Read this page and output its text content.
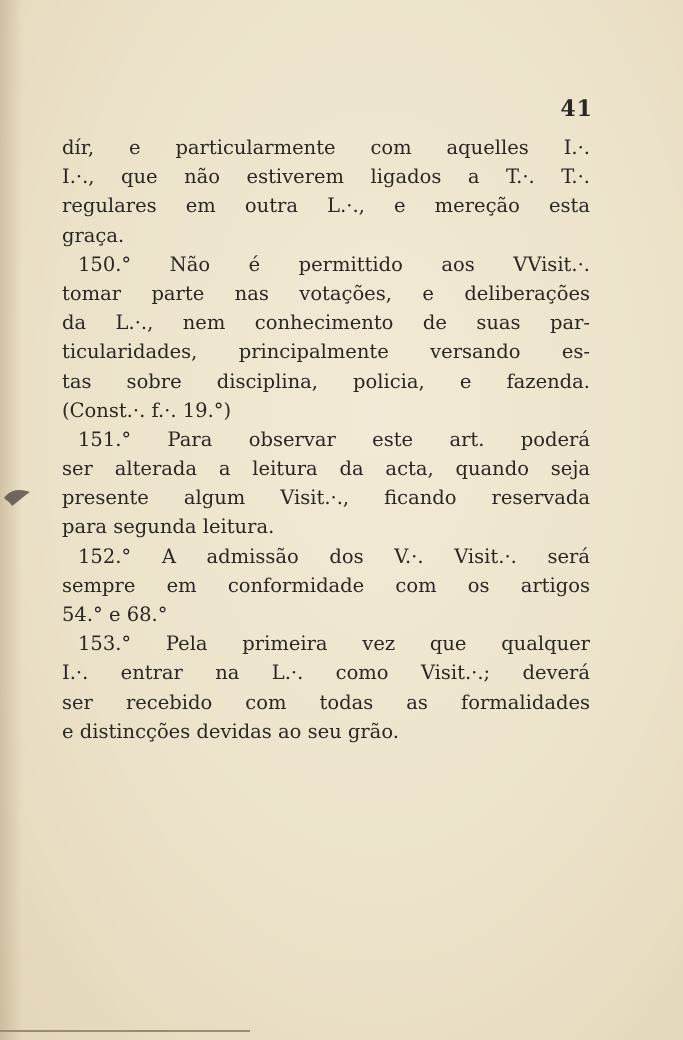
41
dír, e particularmente com aquelles I.·.
I.·., que não estiverem ligados a T.·. T.·.
regulares em outra L.·., e mereção esta
graça.
150.° Não é permittido aos VVisit.·.
tomar parte nas votações, e deliberações
da L.·., nem conhecimento de suas par-
ticularidades, principalmente versando es-
tas sobre disciplina, policia, e fazenda.
(Const.·. f.·. 19.°)
151.° Para observar este art. poderá
ser alterada a leitura da acta, quando seja
presente algum Visit.·., ficando reservada
para segunda leitura.
152.° A admissão dos V.·. Visit.·. será
sempre em conformidade com os artigos
54.° e 68.°
153.° Pela primeira vez que qualquer
I.·. entrar na L.·. como Visit.·.; deverá
ser recebido com todas as formalidades
e distincções devidas ao seu grão.
